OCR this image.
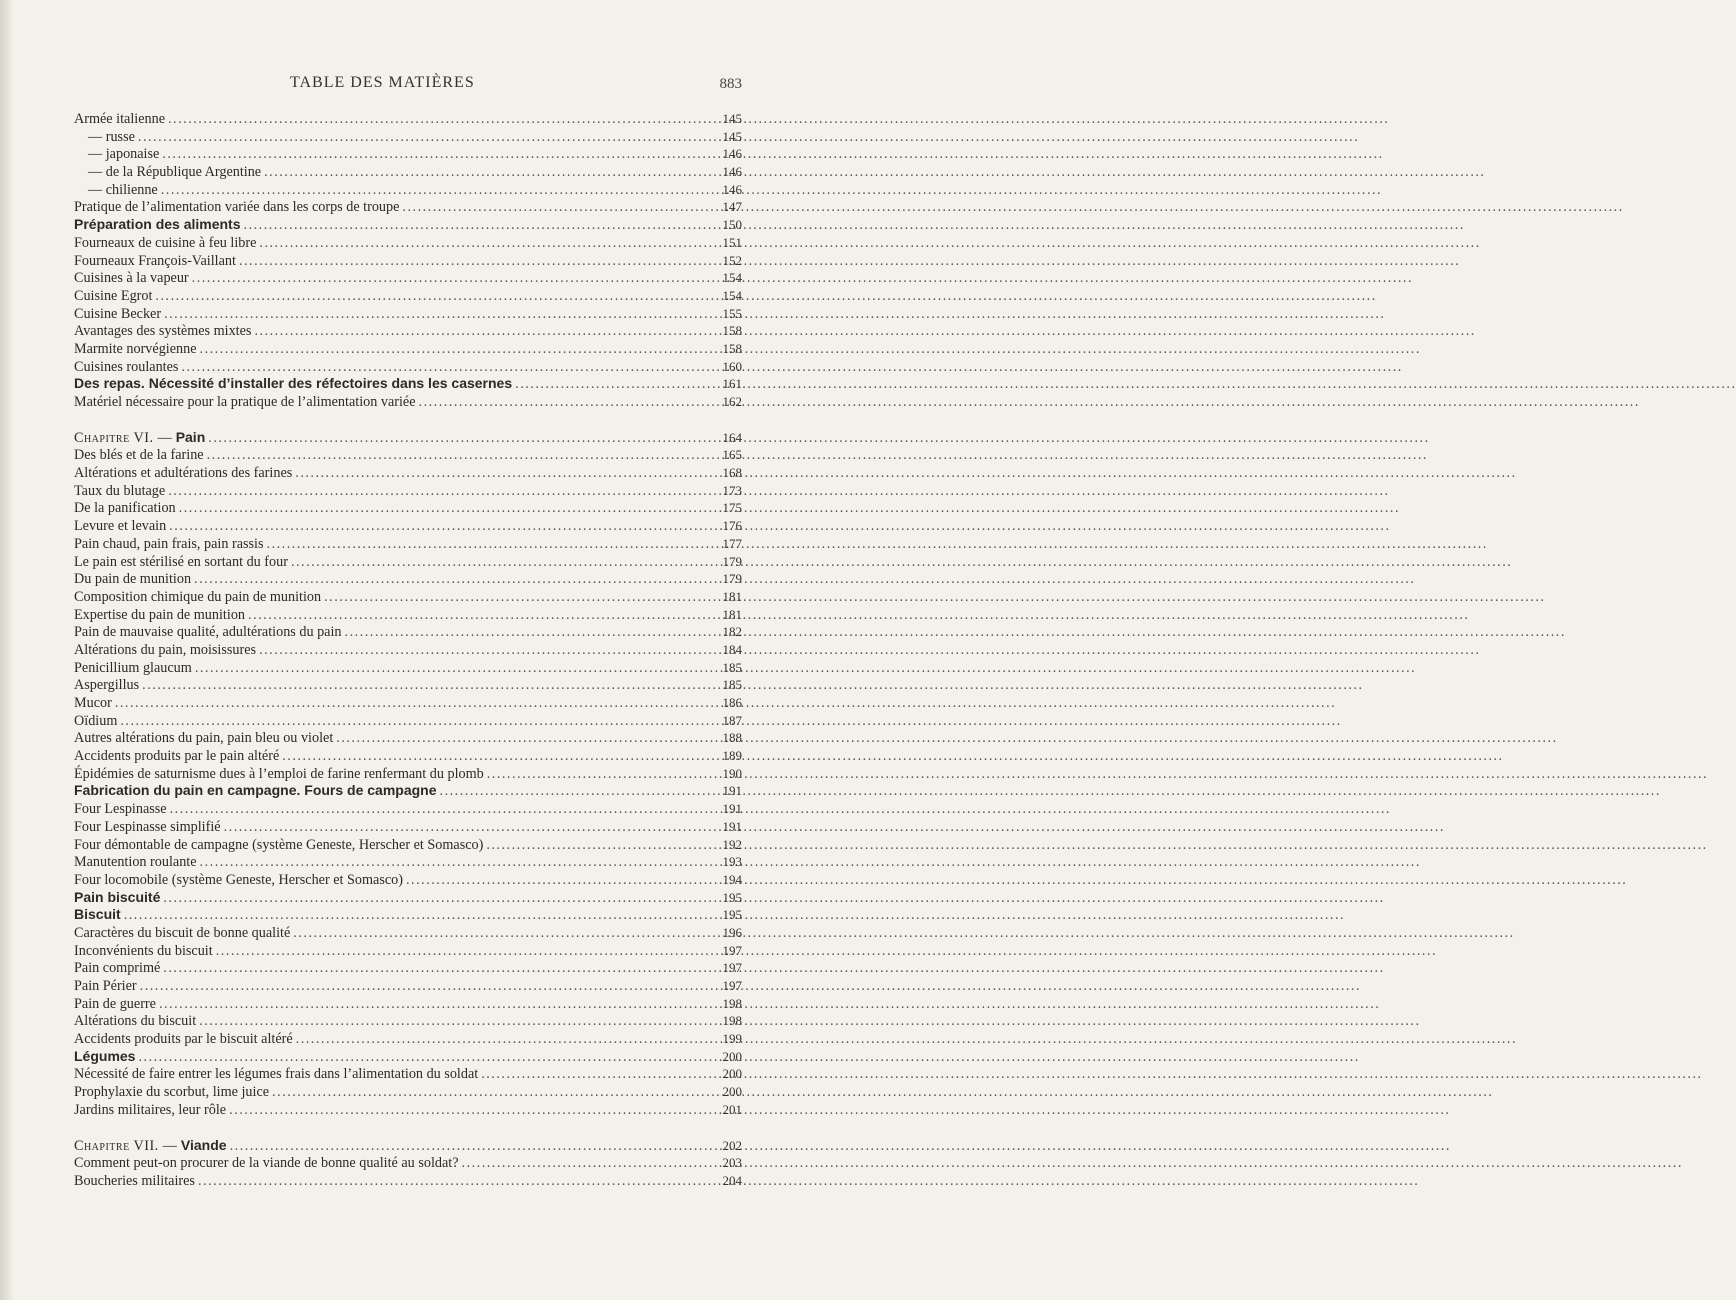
TABLE DES MATIÈRES	883
Armée italienne .....	145
— russe .....	145
— japonaise .....	146
— de la République Argentine .....	146
— chilienne .....	146
Pratique de l’alimentation variée dans les corps de troupe .....	147
Préparation des aliments .....	150
Fourneaux de cuisine à feu libre .....	151
Fourneaux François-Vaillant .....	152
Cuisines à la vapeur .....	154
Cuisine Egrot .....	154
Cuisine Becker .....	155
Avantages des systèmes mixtes .....	158
Marmite norvégienne .....	158
Cuisines roulantes .....	160
Des repas. Nécessité d’installer des réfectoires dans les casernes .....	161
Matériel nécessaire pour la pratique de l’alimentation variée .....	162
Chapitre VI. — Pain .....	164
Des blés et de la farine .....	165
Altérations et adultérations des farines .....	168
Taux du blutage .....	173
De la panification .....	175
Levure et levain .....	176
Pain chaud, pain frais, pain rassis .....	177
Le pain est stérilisé en sortant du four .....	179
Du pain de munition .....	179
Composition chimique du pain de munition .....	181
Expertise du pain de munition .....	181
Pain de mauvaise qualité, adultérations du pain .....	182
Altérations du pain, moisissures .....	184
Penicillium glaucum .....	185
Aspergillus .....	185
Mucor .....	186
Oïdium .....	187
Autres altérations du pain, pain bleu ou violet .....	188
Accidents produits par le pain altéré .....	189
Épidémies de saturnisme dues à l’emploi de farine renfermant du plomb .....	190
Fabrication du pain en campagne. Fours de campagne .....	191
Four Lespinasse .....	191
Four Lespinasse simplifié .....	191
Four démontable de campagne (système Geneste, Herscher et Somasco) .....	192
Manutention roulante .....	193
Four locomobile (système Geneste, Herscher et Somasco) .....	194
Pain biscuité .....	195
Biscuit .....	195
Caractères du biscuit de bonne qualité .....	196
Inconvénients du biscuit .....	197
Pain comprimé .....	197
Pain Périer .....	197
Pain de guerre .....	198
Altérations du biscuit .....	198
Accidents produits par le biscuit altéré .....	199
Légumes .....	200
Nécessité de faire entrer les légumes frais dans l’alimentation du soldat .....	200
Prophylaxie du scorbut, lime juice .....	200
Jardins militaires, leur rôle .....	201
Chapitre VII. — Viande .....	202
Comment peut-on procurer de la viande de bonne qualité au soldat? .....	203
Boucheries militaires .....	204
